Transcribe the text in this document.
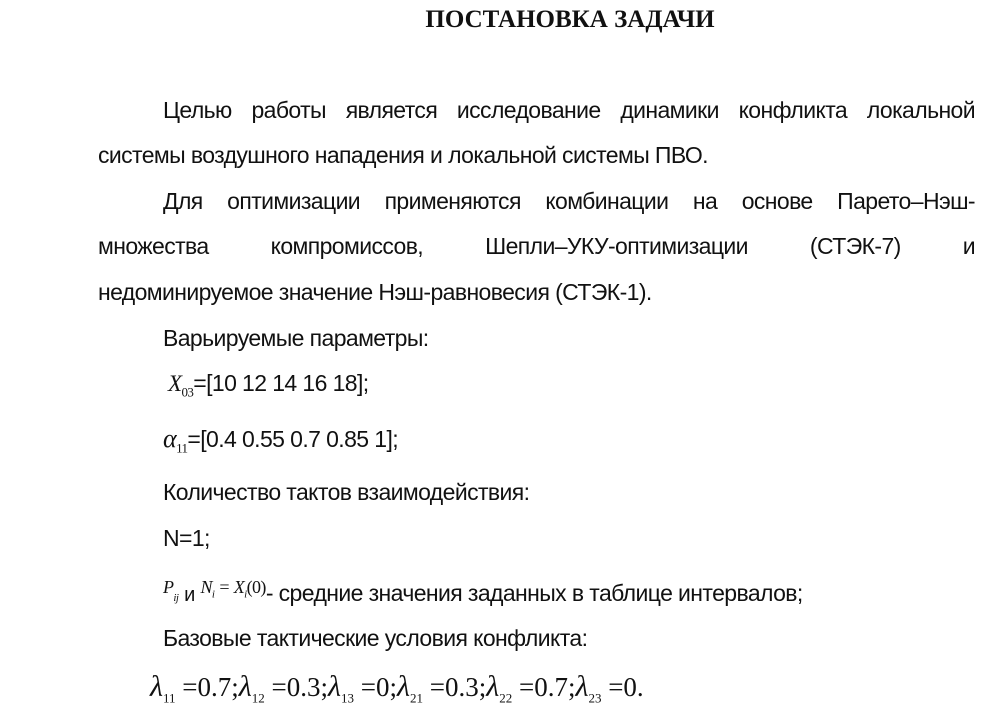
ПОСТАНОВКА ЗАДАЧИ
Целью работы является исследование динамики конфликта локальной
системы воздушного нападения и локальной системы ПВО.
Для оптимизации применяются комбинации на основе Парето–Нэш-
множества компромиссов, Шепли–УКУ-оптимизации (СТЭК-7) и
недоминируемое значение Нэш-равновесия (СТЭК-1).
Варьируемые параметры:
$X_{03}=[10$ 12 14 16 18];
$\alpha_{11}=[0.4$ 0.55 0.7 0.85 1];
Количество тактов взаимодействия:
N=1;
$^P_{ij}$ и $^{N_i = X_i(0)}$- средние значения заданных в таблице интервалов;
Базовые тактические условия конфликта:
$\lambda_{11}$ $=0.7;\lambda_{12}$ $=0.3;\lambda_{13}$ $=0;\lambda_{21}$ $=0.3;\lambda_{22}$ $=0.7;\lambda_{23} =0$.
